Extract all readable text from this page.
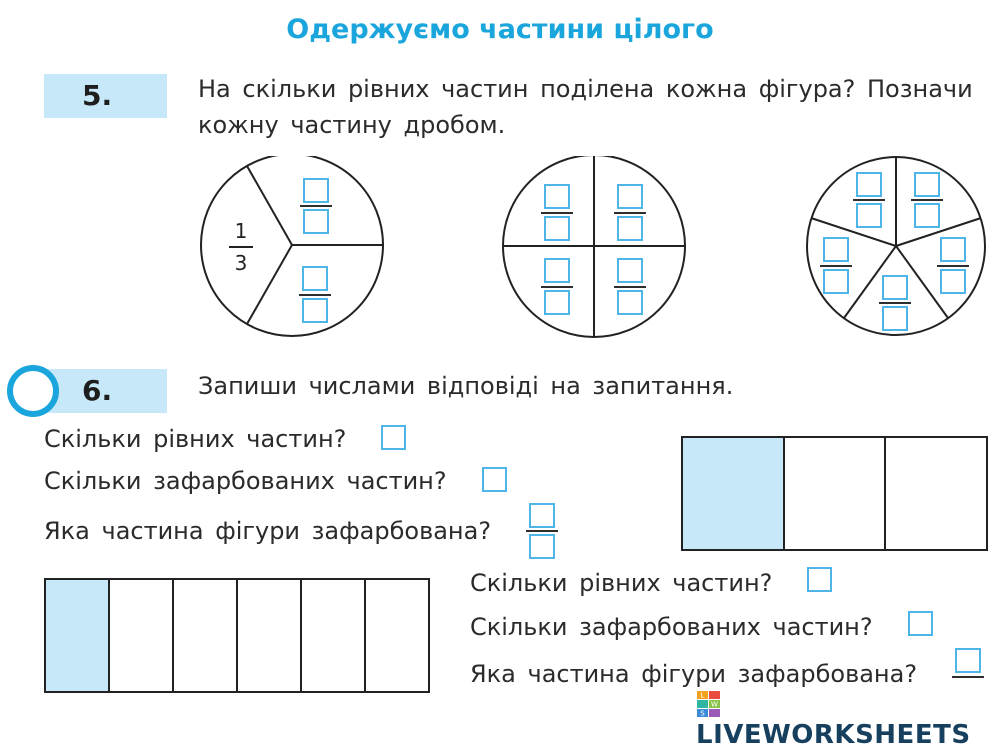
Одержуємо частини цілого
5.	На скільки рівних частин поділена кожна фігура? Позначи кожну частину дробом.
1
3
6.	Запиши числами відповіді на запитання.
Скільки рівних частин?
Скільки зафарбованих частин?
Яка частина фігури зафарбована?
Скільки рівних частин?
Скільки зафарбованих частин?
Яка частина фігури зафарбована?
L
W
S
LIVEWORKSHEETS
